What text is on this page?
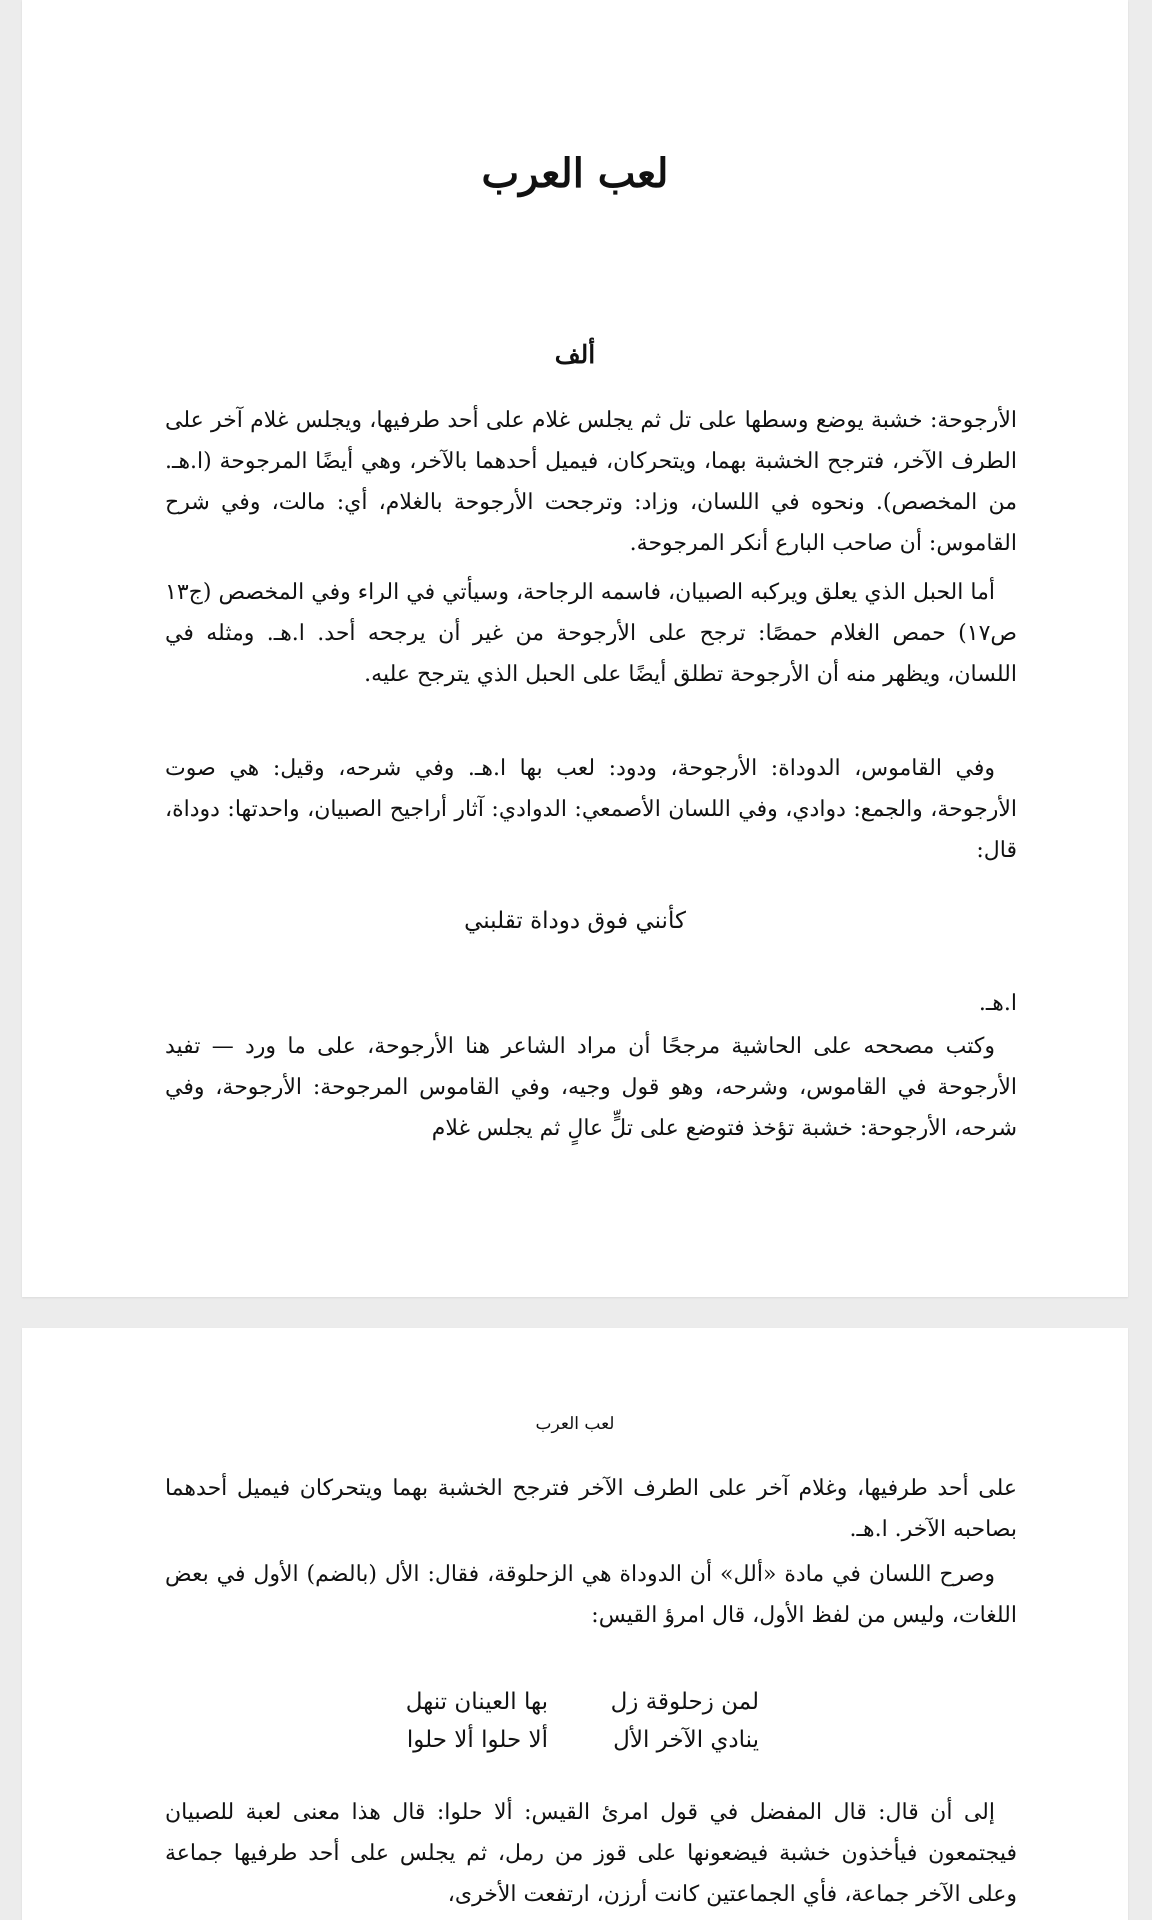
لعب العرب
ألف

الأرجوحة: خشبة يوضع وسطها على تل ثم يجلس غلام على أحد طرفيها، ويجلس غلام آخر على الطرف الآخر، فترجح الخشبة بهما، ويتحركان، فيميل أحدهما بالآخر، وهي أيضًا المرجوحة (ا.هـ. من المخصص). ونحوه في اللسان، وزاد: وترجحت الأرجوحة بالغلام، أي: مالت، وفي شرح القاموس: أن صاحب البارع أنكر المرجوحة.

أما الحبل الذي يعلق ويركبه الصبيان، فاسمه الرجاحة، وسيأتي في الراء وفي المخصص (ج١٣ ص١٧) حمص الغلام حمصًا: ترجح على الأرجوحة من غير أن يرجحه أحد. ا.هـ. ومثله في اللسان، ويظهر منه أن الأرجوحة تطلق أيضًا على الحبل الذي يترجح عليه.

وفي القاموس، الدوداة: الأرجوحة، ودود: لعب بها ا.هـ. وفي شرحه، وقيل: هي صوت الأرجوحة، والجمع: دوادي، وفي اللسان الأصمعي: الدوادي: آثار أراجيح الصبيان، واحدتها: دوداة، قال:

كأنني فوق دوداة تقلبني

ا.هـ.

وكتب مصححه على الحاشية مرجحًا أن مراد الشاعر هنا الأرجوحة، على ما ورد — تفيد الأرجوحة في القاموس، وشرحه، وهو قول وجيه، وفي القاموس المرجوحة: الأرجوحة، وفي شرحه، الأرجوحة: خشبة تؤخذ فتوضع على تلٍّ عالٍ ثم يجلس غلام

لعب العرب

على أحد طرفيها، وغلام آخر على الطرف الآخر فترجح الخشبة بهما ويتحركان فيميل أحدهما بصاحبه الآخر. ا.هـ.

وصرح اللسان في مادة «ألل» أن الدوداة هي الزحلوقة، فقال: الأل (بالضم) الأول في بعض اللغات، وليس من لفظ الأول، قال امرؤ القيس:

لمن زحلوقة زل
بها العينان تنهل
ينادي الآخر الأل
ألا حلوا ألا حلوا

إلى أن قال: قال المفضل في قول امرئ القيس: ألا حلوا: قال هذا معنى لعبة للصبيان فيجتمعون فيأخذون خشبة فيضعونها على قوز من رمل، ثم يجلس على أحد طرفيها جماعة وعلى الآخر جماعة، فأي الجماعتين كانت أرزن، ارتفعت الأخرى،
